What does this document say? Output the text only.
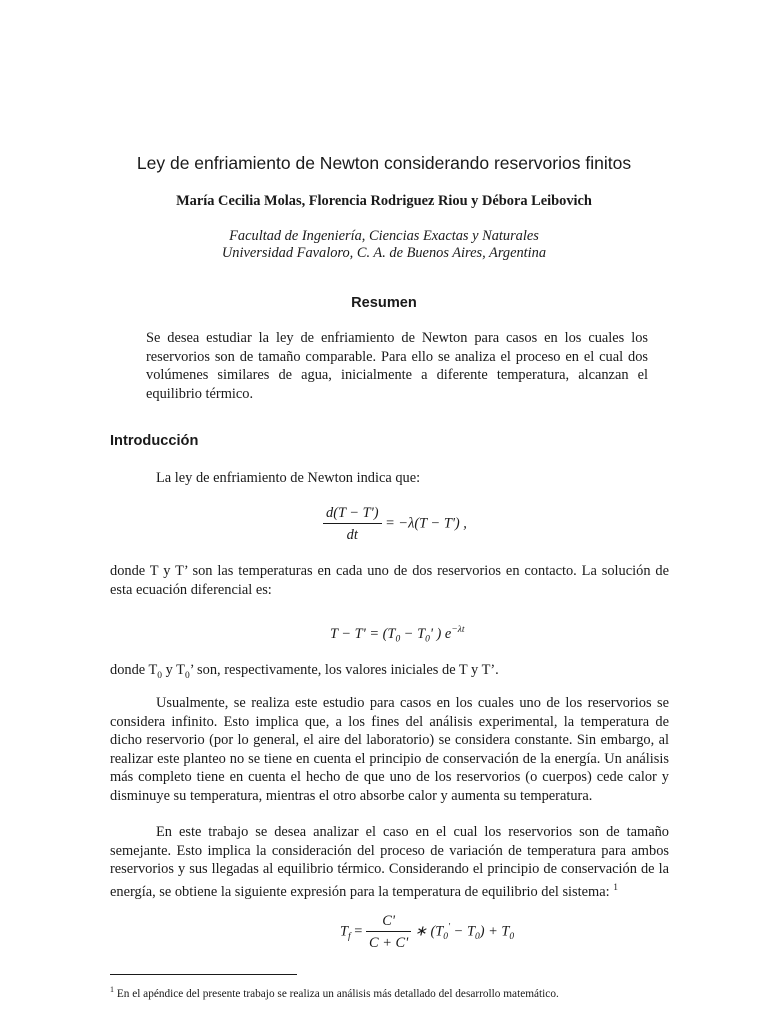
Ley de enfriamiento de Newton considerando reservorios finitos
María Cecilia Molas, Florencia Rodriguez Riou y Débora Leibovich
Facultad de Ingeniería, Ciencias Exactas y Naturales
Universidad Favaloro, C. A. de Buenos Aires, Argentina
Resumen
Se desea estudiar la ley de enfriamiento de Newton para casos en los cuales los reservorios son de tamaño comparable. Para ello se analiza el proceso en el cual dos volúmenes similares de agua, inicialmente a diferente temperatura, alcanzan el equilibrio térmico.
Introducción
La ley de enfriamiento de Newton indica que:
$\frac{d(T - T')}{dt} = -\lambda(T - T')$ ,
donde T y T’ son las temperaturas en cada uno de dos reservorios en contacto. La solución de esta ecuación diferencial es:
$T - T' = (T_0 - T_0'$ ) $e^{-\lambda t}$
donde $T_0$ y $T_0$’ son, respectivamente, los valores iniciales de T y T’.
Usualmente, se realiza este estudio para casos en los cuales uno de los reservorios se considera infinito. Esto implica que, a los fines del análisis experimental, la temperatura de dicho reservorio (por lo general, el aire del laboratorio) se considera constante. Sin embargo, al realizar este planteo no se tiene en cuenta el principio de conservación de la energía. Un análisis más completo tiene en cuenta el hecho de que uno de los reservorios (o cuerpos) cede calor y disminuye su temperatura, mientras el otro absorbe calor y aumenta su temperatura.
En este trabajo se desea analizar el caso en el cual los reservorios son de tamaño semejante. Esto implica la consideración del proceso de variación de temperatura para ambos reservorios y sus llegadas al equilibrio térmico. Considerando el principio de conservación de la energía, se obtiene la siguiente expresión para la temperatura de equilibrio del sistema: $^1$
$T_f = \frac{C'}{C + C'}$ ∗ $(T_0' - T_0) + T_0$
$^1$ En el apéndice del presente trabajo se realiza un análisis más detallado del desarrollo matemático.
